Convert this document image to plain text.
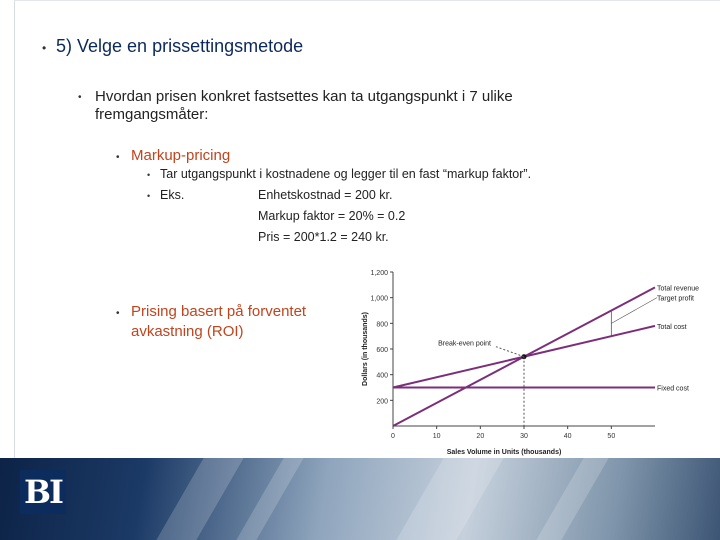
• 5) Velge en prissettingsmetode
• Hvordan prisen konkret fastsettes kan ta utgangspunkt i 7 ulike fremgangsmåter:
• Markup-pricing
• Tar utgangspunkt i kostnadene og legger til en fast “markup faktor”.
• Eks.	Enhetskostnad = 200 kr.
Markup faktor = 20% = 0.2
Pris = 200*1.2 = 240 kr.
• Prising basert på forventet
avkastning (ROI)
200
400
600
800
1,000
1,200
0	10	20	30	40	50
Sales Volume in Units (thousands)
Dollars (in thousands)
Total revenue
Total cost
Fixed cost
Break-even point
Target profit
BI
